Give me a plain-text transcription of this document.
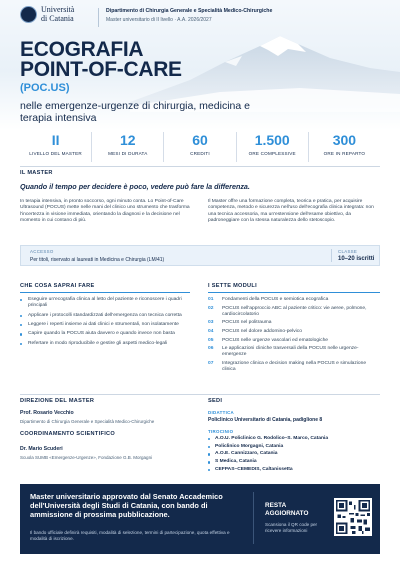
Università
di Catania
Dipartimento di Chirurgia Generale e Specialità Medico-Chirurgiche
Master universitario di II livello · A.A. 2026/2027
ECOGRAFIA
POINT-OF-CARE
(POC.US)
nelle emergenze-urgenze di chirurgia, medicina e terapia intensiva
II
LIVELLO DEL MASTER
12
MESI DI DURATA
60
CREDITI
1.500
ORE COMPLESSIVE
300
ORE IN REPARTO
IL MASTER
Quando il tempo per decidere è poco, vedere può fare la differenza.
In terapia intensiva, in pronto soccorso, ogni minuto conta. Lo Point-of-Care Ultrasound (POCUS) mette nelle mani del clinico uno strumento che trasforma l'incertezza in visione immediata, orientando la diagnosi e la decisione nel momento in cui contano di più.
Il Master offre una formazione completa, teorica e pratica, per acquisire competenza, metodo e sicurezza nell'uso dell'ecografia clinica integrata: non una tecnica accessoria, ma un'estensione dell'esame obiettivo, da padroneggiare con la stessa naturalezza dello stetoscopio.
ACCESSO
Per titoli, riservato ai laureati in Medicina e Chirurgia (LM/41)
CLASSE
10–20 iscritti
CHE COSA SAPRAI FARE
Eseguire un'ecografia clinica al letto del paziente e riconoscere i quadri principali
Applicare i protocolli standardizzati dell'emergenza con tecnica corretta
Leggere i reperti insieme ai dati clinici e strumentali, non isolatamente
Capire quando la POCUS aiuta davvero e quando invece non basta
Refertare in modo riproducibile e gestire gli aspetti medico-legali
I SETTE MODULI
01 Fondamenti della POCUS e semiotica ecografica
02 POCUS nell'approccio ABC al paziente critico: vie aeree, polmone, cardiocircolatorio
03 POCUS nel politrauma
04 POCUS nel dolore addomino-pelvico
05 POCUS nelle urgenze vascolari ed ematologiche
06 Le applicazioni cliniche trasversali della POCUS nelle urgenze-emergenze
07 Integrazione clinica e decision making nella POCUS e simulazione clinica
DIREZIONE DEL MASTER
Prof. Rosario Vecchio
Dipartimento di Chirurgia Generale e Specialità Medico-Chirurgiche
COORDINAMENTO SCIENTIFICO
Dr. Mario Scuderi
Scuola SUMB «Emergenze-Urgenze», Fondazione G.B. Morgagni
SEDI
DIDATTICA
Policlinico Universitario di Catania, padiglione 8
TIROCINIO
A.O.U. Policlinico G. Rodolico–S. Marco, Catania
Policlinico Morgagni, Catania
A.O.E. Cannizzaro, Catania
S Medica, Catania
CEFPAS–CEMEDIS, Caltanissetta
Master universitario approvato dal Senato Accademico dell'Università degli Studi di Catania, con bando di ammissione di prossima pubblicazione.
Il bando ufficiale definirà requisiti, modalità di selezione, termini di partecipazione, quota effettiva e modalità di iscrizione.
RESTA AGGIORNATO
Scansiona il QR code per ricevere informazioni
